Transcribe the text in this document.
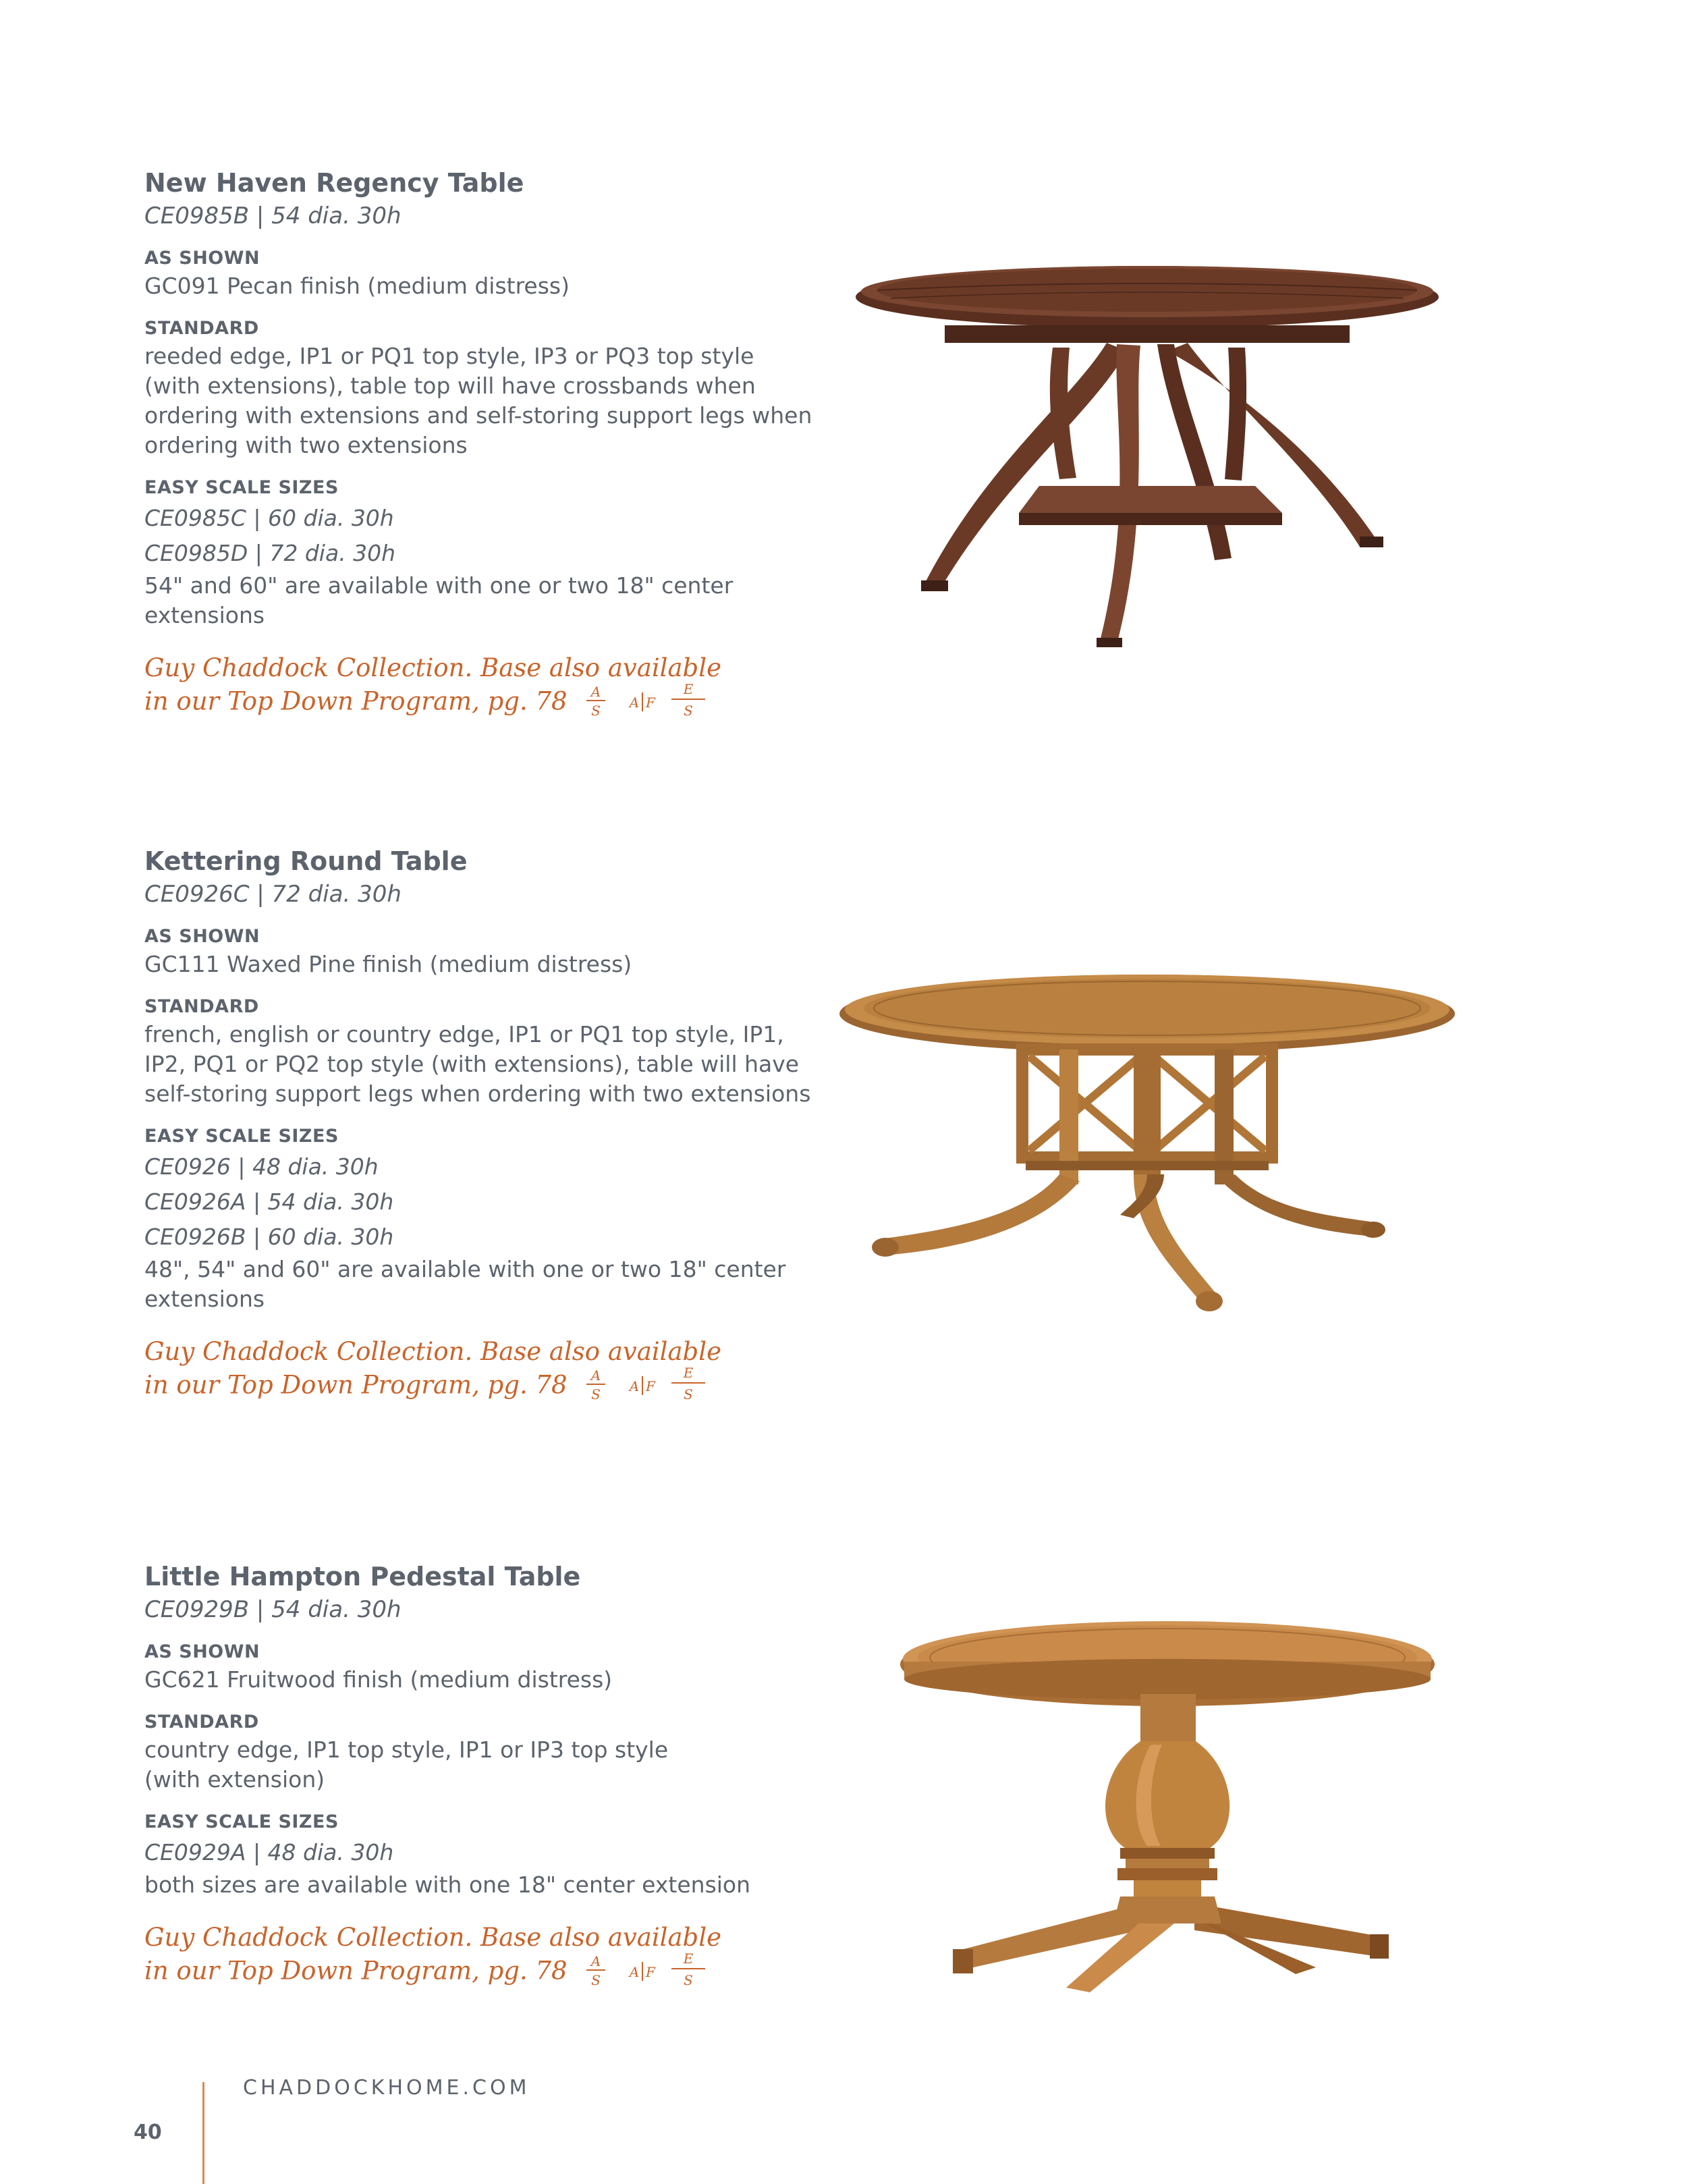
New Haven Regency Table
CE0985B | 54 dia. 30h
AS SHOWN
GC091 Pecan finish (medium distress)
STANDARD
reeded edge, IP1 or PQ1 top style, IP3 or PQ3 top style (with extensions), table top will have crossbands when ordering with extensions and self-storing support legs when ordering with two extensions
EASY SCALE SIZES
CE0985C | 60 dia. 30h
CE0985D | 72 dia. 30h
54" and 60" are available with one or two 18" center extensions
Guy Chaddock Collection. Base also available
in our Top Down Program, pg. 78 A
S A F
E
S
Kettering Round Table
CE0926C | 72 dia. 30h
AS SHOWN
GC111 Waxed Pine finish (medium distress)
STANDARD
french, english or country edge, IP1 or PQ1 top style, IP1, IP2, PQ1 or PQ2 top style (with extensions), table will have self-storing support legs when ordering with two extensions
EASY SCALE SIZES
CE0926 | 48 dia. 30h
CE0926A | 54 dia. 30h
CE0926B | 60 dia. 30h
48", 54" and 60" are available with one or two 18" center extensions
Guy Chaddock Collection. Base also available
in our Top Down Program, pg. 78 A
S A F
E
S
Little Hampton Pedestal Table
CE0929B | 54 dia. 30h
AS SHOWN
GC621 Fruitwood finish (medium distress)
STANDARD
country edge, IP1 top style, IP1 or IP3 top style (with extension)
EASY SCALE SIZES
CE0929A | 48 dia. 30h
both sizes are available with one 18" center extension
Guy Chaddock Collection. Base also available
in our Top Down Program, pg. 78 A
S A F
E
S
CHADDOCKHOME.COM
40
